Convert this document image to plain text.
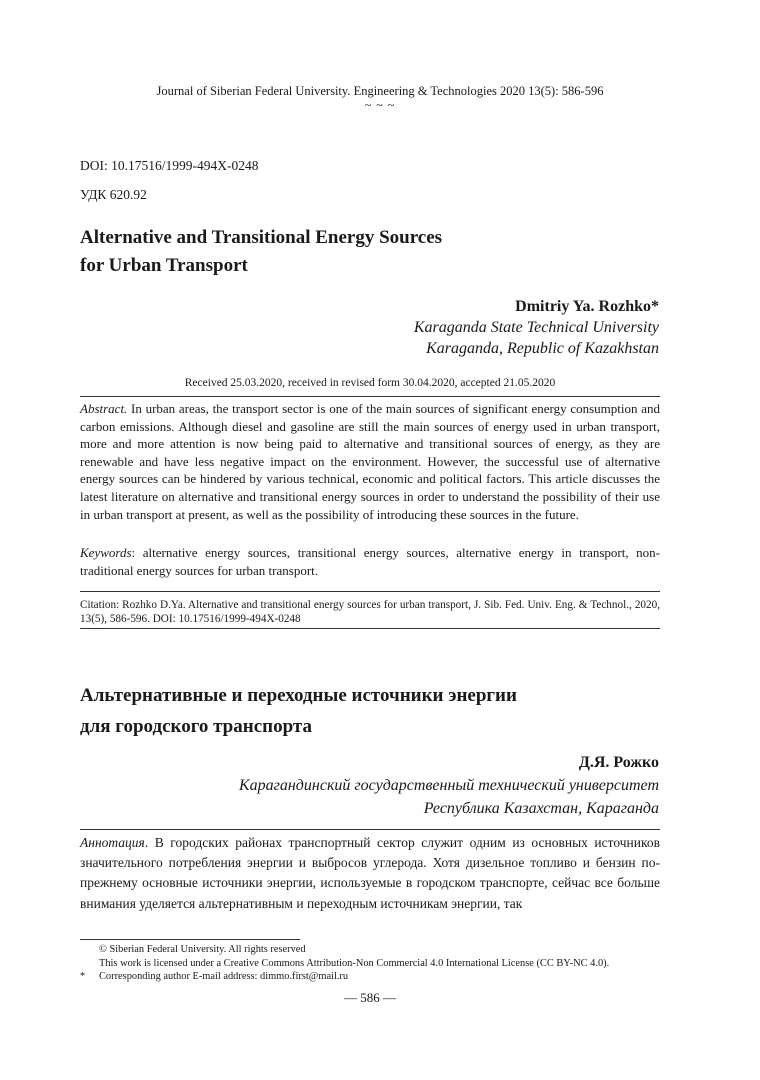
Journal of Siberian Federal University. Engineering & Technologies 2020 13(5): 586-596
~ ~ ~
DOI: 10.17516/1999-494X-0248
УДК 620.92
Alternative and Transitional Energy Sources
for Urban Transport
Dmitriy Ya. Rozhko*
Karaganda State Technical University
Karaganda, Republic of Kazakhstan
Received 25.03.2020, received in revised form 30.04.2020, accepted 21.05.2020
Abstract. In urban areas, the transport sector is one of the main sources of significant energy consumption and carbon emissions. Although diesel and gasoline are still the main sources of energy used in urban transport, more and more attention is now being paid to alternative and transitional sources of energy, as they are renewable and have less negative impact on the environment. However, the successful use of alternative energy sources can be hindered by various technical, economic and political factors. This article discusses the latest literature on alternative and transitional energy sources in order to understand the possibility of their use in urban transport at present, as well as the possibility of introducing these sources in the future.
Keywords: alternative energy sources, transitional energy sources, alternative energy in transport, non-traditional energy sources for urban transport.
Citation: Rozhko D.Ya. Alternative and transitional energy sources for urban transport, J. Sib. Fed. Univ. Eng. & Technol., 2020, 13(5), 586-596. DOI: 10.17516/1999-494X-0248
Альтернативные и переходные источники энергии
для городского транспорта
Д.Я. Рожко
Карагандинский государственный технический университет
Республика Казахстан, Караганда
Аннотация. В городских районах транспортный сектор служит одним из основных источников значительного потребления энергии и выбросов углерода. Хотя дизельное топливо и бензин по-прежнему основные источники энергии, используемые в городском транспорте, сейчас все больше внимания уделяется альтернативным и переходным источникам энергии, так
© Siberian Federal University. All rights reserved
This work is licensed under a Creative Commons Attribution-Non Commercial 4.0 International License (CC BY-NC 4.0).
* Corresponding author E-mail address: dimmo.first@mail.ru
— 586 —
